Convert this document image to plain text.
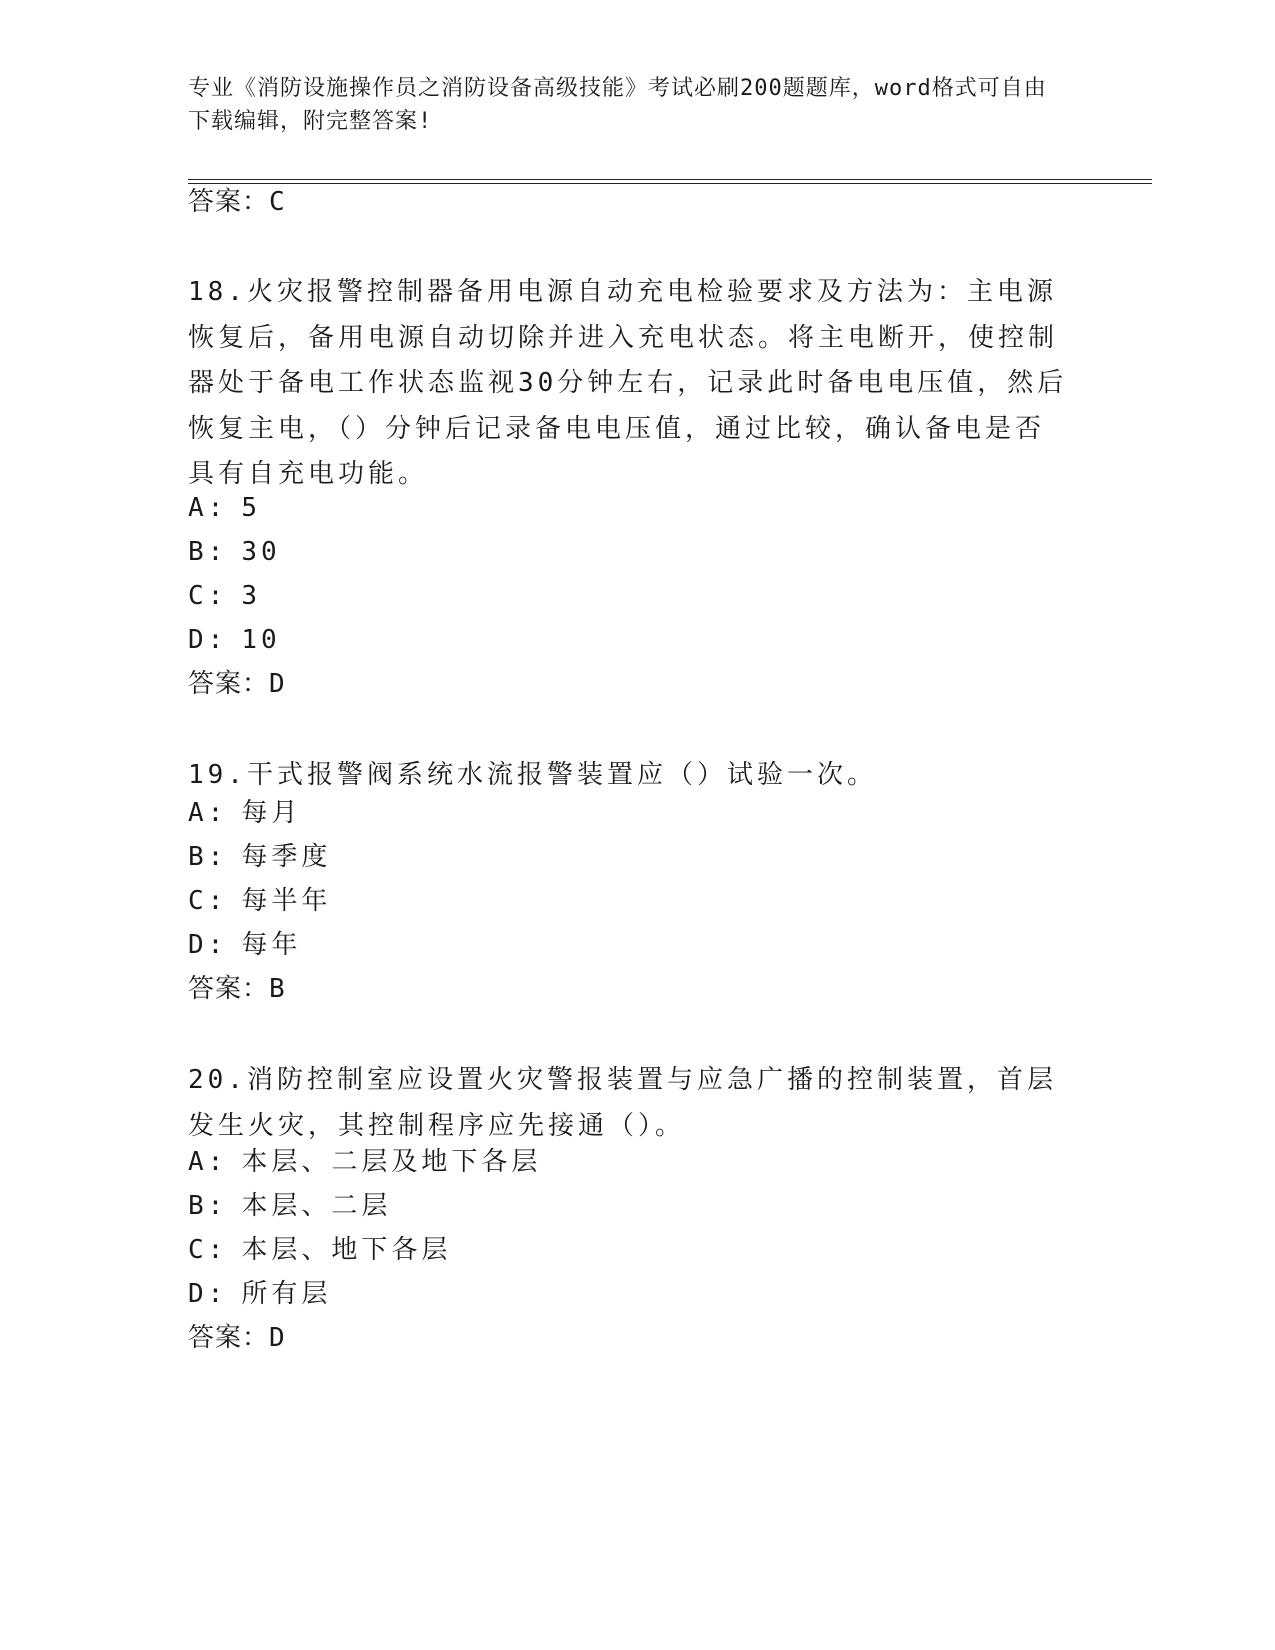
专业《消防设施操作员之消防设备高级技能》考试必刷200题题库，word格式可自由下载编辑，附完整答案!
答案：C

18.火灾报警控制器备用电源自动充电检验要求及方法为：主电源恢复后，备用电源自动切除并进入充电状态。将主电断开，使控制器处于备电工作状态监视30分钟左右，记录此时备电电压值，然后恢复主电，（）分钟后记录备电电压值，通过比较，确认备电是否具有自充电功能。

A: 5
B: 30
C: 3
D: 10
答案：D

19.干式报警阀系统水流报警装置应（）试验一次。

A: 每月
B: 每季度
C: 每半年
D: 每年
答案：B

20.消防控制室应设置火灾警报装置与应急广播的控制装置，首层发生火灾，其控制程序应先接通（）。

A: 本层、二层及地下各层
B: 本层、二层
C: 本层、地下各层
D: 所有层
答案：D
